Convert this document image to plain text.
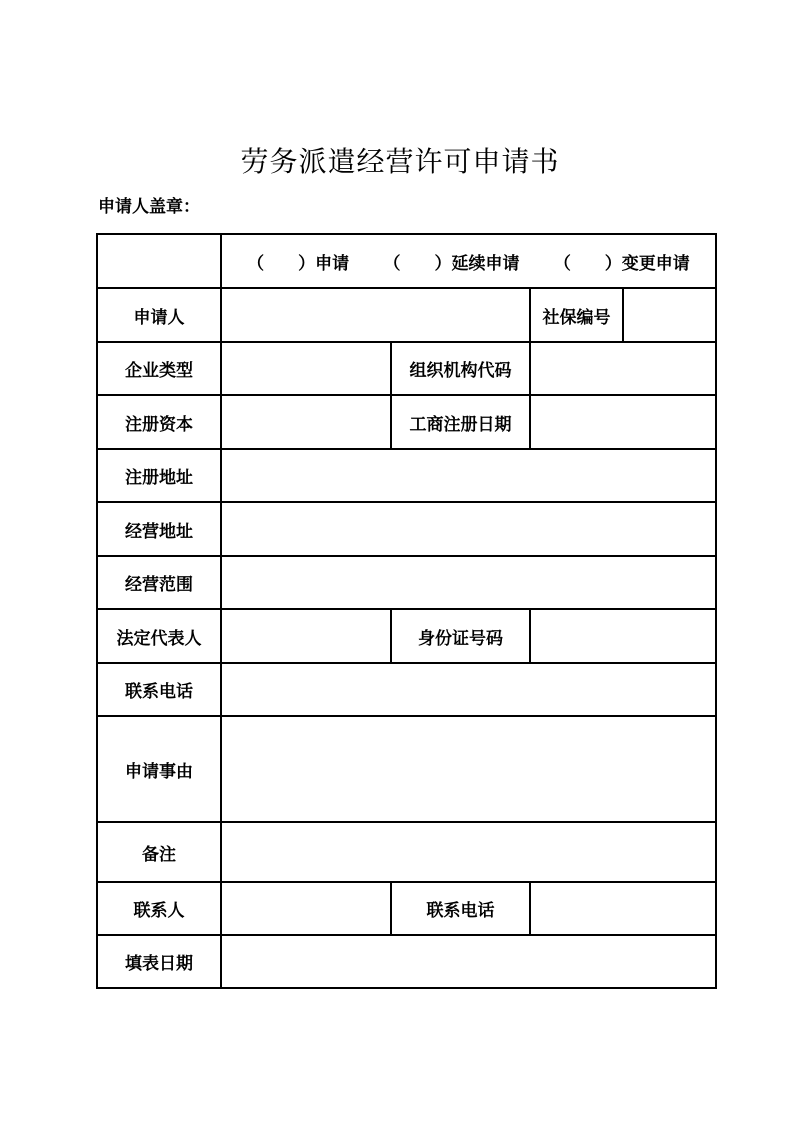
劳务派遣经营许可申请书
申请人盖章：

	（　　）申请 （　　）延续申请 （　　）变更申请			

申请人			社保编号	
企业类型		组织机构代码		
注册资本		工商注册日期		
注册地址				
经营地址				
经营范围				
法定代表人		身份证号码		
联系电话				
申请事由				
备注				
联系人		联系电话		
填表日期				
